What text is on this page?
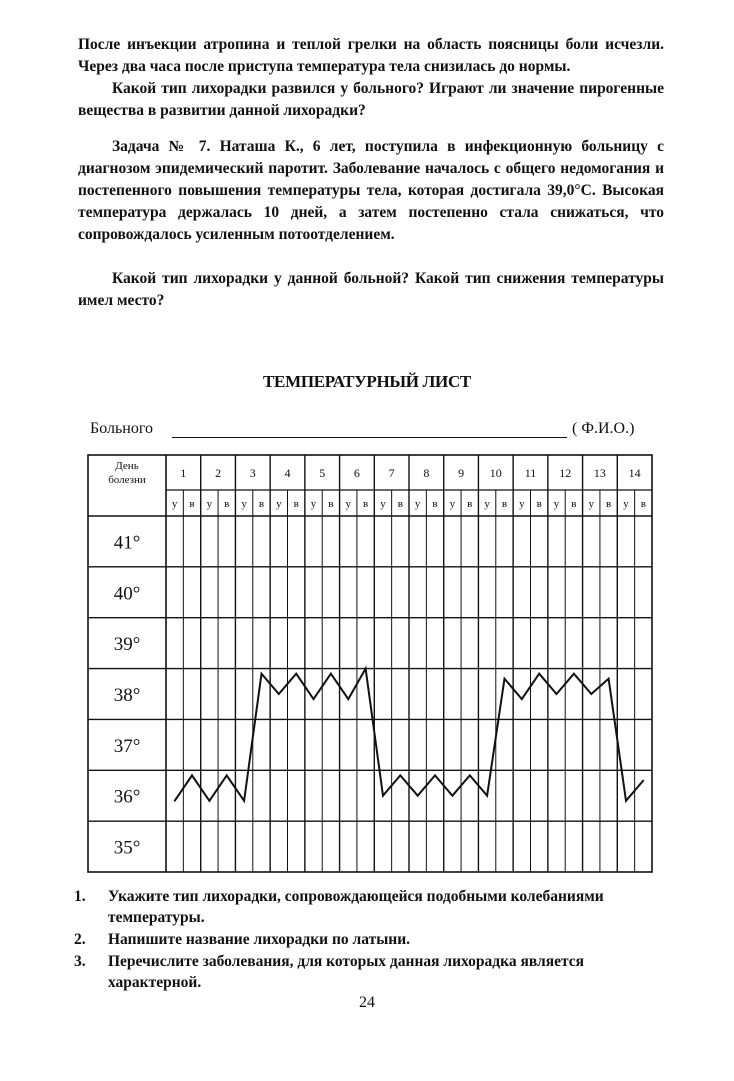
После инъекции атропина и теплой грелки на область поясницы боли исчезли. Через два часа после приступа температура тела снизилась до нормы.

Какой тип лихорадки развился у больного? Играют ли значение пирогенные вещества в развитии данной лихорадки?

Задача № 7. Наташа К., 6 лет, поступила в инфекционную больницу с диагнозом эпидемический паротит. Заболевание началось с общего недомогания и постепенного повышения температуры тела, которая достигала 39,0°С. Высокая температура держалась 10 дней, а затем постепенно стала снижаться, что сопровождалось усиленным потоотделением.

Какой тип лихорадки у данной больной? Какой тип снижения температуры имел место?

ТЕМПЕРАТУРНЫЙ ЛИСТ
Больного	( Ф.И.О.)
День
болезни	1
у в
2
у в
3
у в
4
у в
5
у в
6
у в
7
у в
8
у в
9
у в
10
у в
11
у в
12
у в
13
у в
14
у в
41°
40°
39°
38°
37°
36°
35°
1. Укажите тип лихорадки, сопровождающейся подобными колебаниями температуры.
2. Напишите название лихорадки по латыни.
3. Перечислите заболевания, для которых данная лихорадка является характерной.
24
